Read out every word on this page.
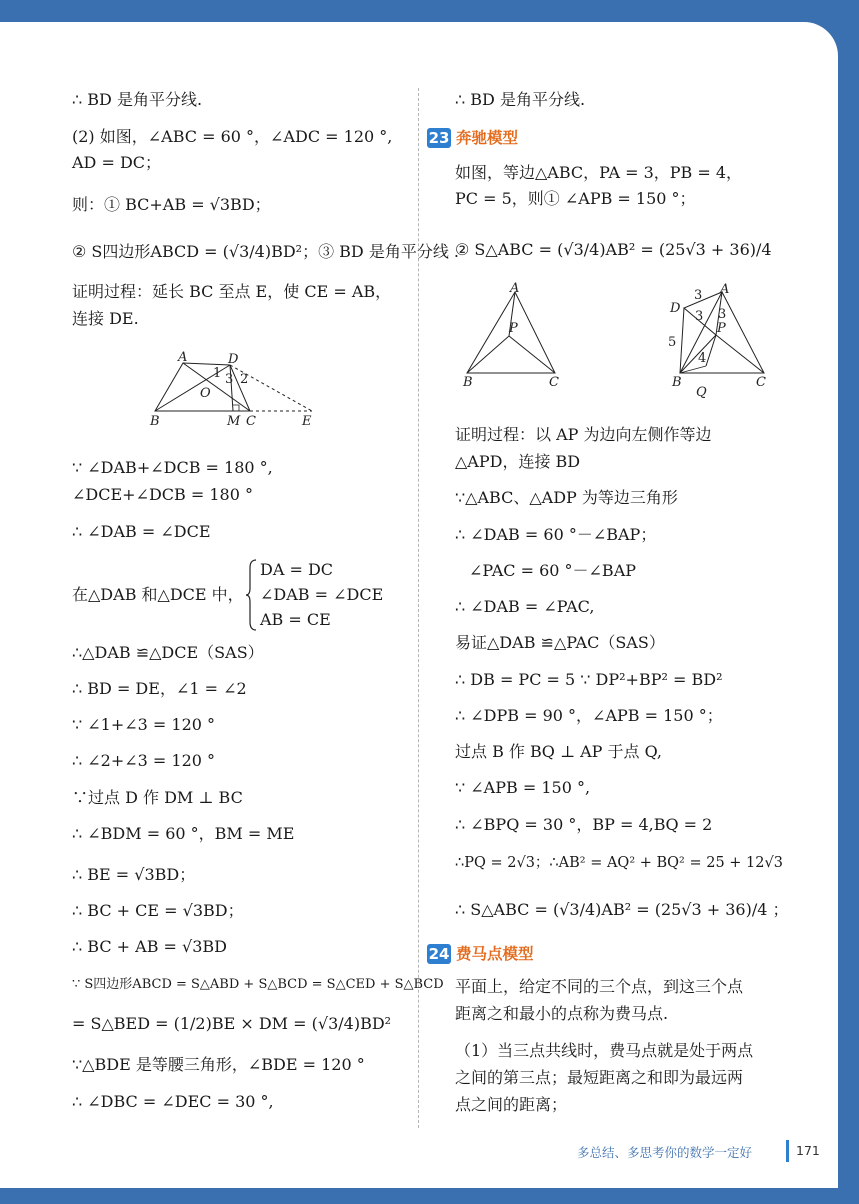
∴ BD 是角平分线.
(2) 如图，∠ABC = 60 °，∠ADC = 120 °,
AD = DC；
则：① BC+AB = √3BD；
② S四边形ABCD = (√3/4)BD²；③ BD 是角平分线 .
证明过程：延长 BC 至点 E，使 CE = AB，
连接 DE.
A	D
1 3 2
O
B	M C	E
∵ ∠DAB+∠DCB = 180 °,
∠DCE+∠DCB = 180 °
∴ ∠DAB = ∠DCE
在△DAB 和△DCE 中，
DA = DC
∠DAB = ∠DCE
AB = CE
∴△DAB ≌△DCE（SAS）
∴ BD = DE，∠1 = ∠2
∵ ∠1+∠3 = 120 °
∴ ∠2+∠3 = 120 °
∵过点 D 作 DM ⊥ BC
∴ ∠BDM = 60 °，BM = ME
∴ BE = √3BD；
∴ BC + CE = √3BD；
∴ BC + AB = √3BD
∵ S四边形ABCD = S△ABD + S△BCD = S△CED + S△BCD
= S△BED = (1/2)BE × DM = (√3/4)BD²
∵△BDE 是等腰三角形，∠BDE = 120 °
∴ ∠DBC = ∠DEC = 30 °,
∴ BD 是角平分线.
23 奔驰模型
如图，等边△ABC，PA = 3，PB = 4，
PC = 5，则① ∠APB = 150 °；
② S△ABC = (√3/4)AB² = (25√3 + 36)/4
A
P
B	C
D
3 A
3 3
P
5
4
B
Q
C
证明过程：以 AP 为边向左侧作等边
△APD，连接 BD
∵△ABC、△ADP 为等边三角形
∴ ∠DAB = 60 °－∠BAP；
∠PAC = 60 °－∠BAP
∴ ∠DAB = ∠PAC,
易证△DAB ≌△PAC（SAS）
∴ DB = PC = 5 ∵ DP²+BP² = BD²
∴ ∠DPB = 90 °，∠APB = 150 °；
过点 B 作 BQ ⊥ AP 于点 Q,
∵ ∠APB = 150 °,
∴ ∠BPQ = 30 °，BP = 4,BQ = 2
∴PQ = 2√3；∴AB² = AQ² + BQ² = 25 + 12√3
∴ S△ABC = (√3/4)AB² = (25√3 + 36)/4 ；
24 费马点模型
平面上，给定不同的三个点，到这三个点
距离之和最小的点称为费马点.
（1）当三点共线时，费马点就是处于两点
之间的第三点；最短距离之和即为最远两
点之间的距离；
多总结、多思考你的数学一定好	171
